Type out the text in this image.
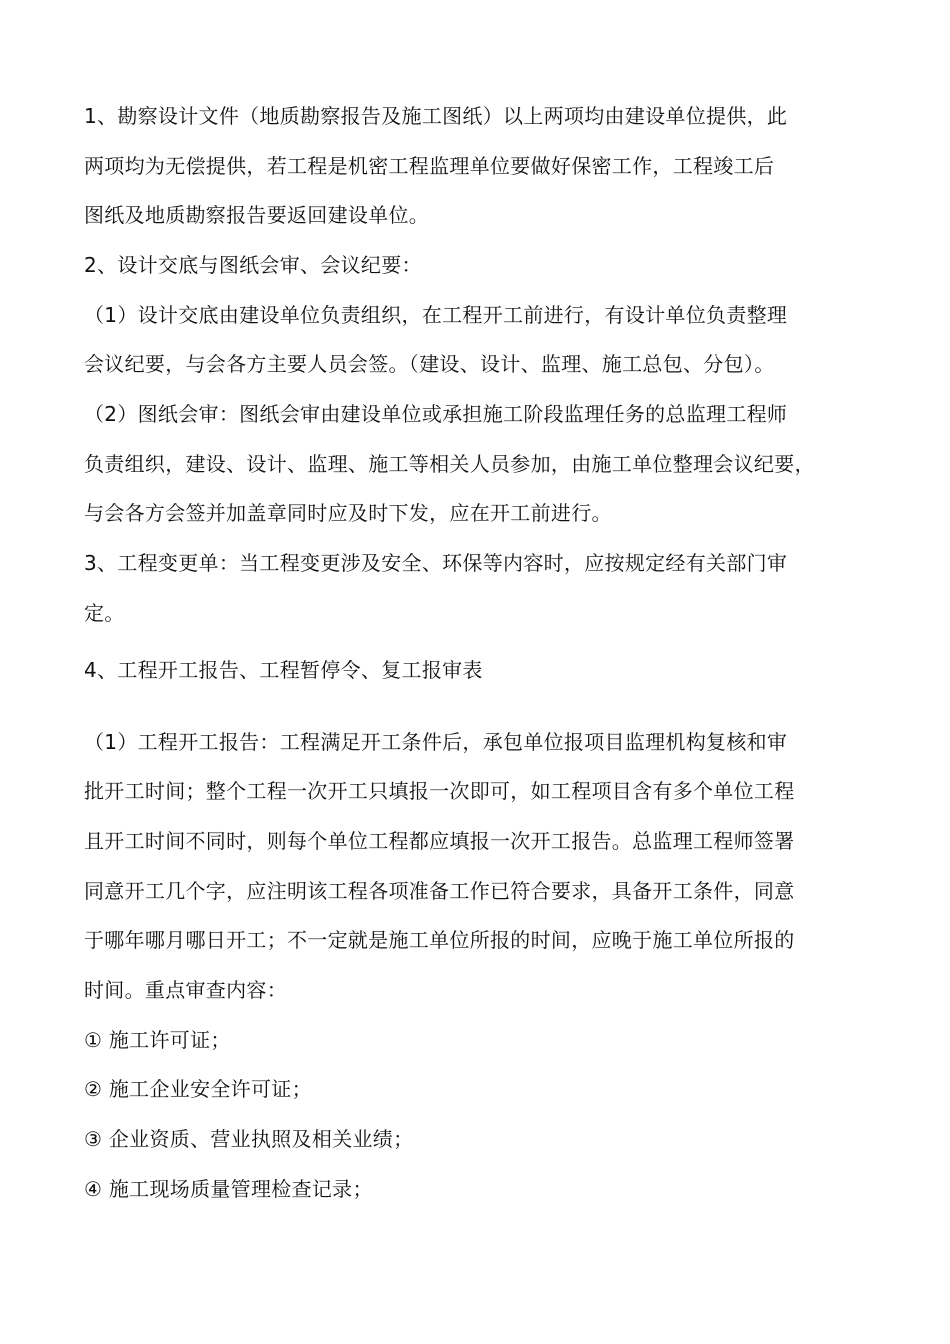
1、勘察设计文件（地质勘察报告及施工图纸）以上两项均由建设单位提供，此
两项均为无偿提供，若工程是机密工程监理单位要做好保密工作，工程竣工后
图纸及地质勘察报告要返回建设单位。
2、设计交底与图纸会审、会议纪要：
（1）设计交底由建设单位负责组织，在工程开工前进行，有设计单位负责整理
会议纪要，与会各方主要人员会签。（建设、设计、监理、施工总包、分包）。
（2）图纸会审：图纸会审由建设单位或承担施工阶段监理任务的总监理工程师
负责组织，建设、设计、监理、施工等相关人员参加，由施工单位整理会议纪要，
与会各方会签并加盖章同时应及时下发，应在开工前进行。
3、工程变更单：当工程变更涉及安全、环保等内容时，应按规定经有关部门审
定。
4、工程开工报告、工程暂停令、复工报审表
（1）工程开工报告：工程满足开工条件后，承包单位报项目监理机构复核和审
批开工时间；整个工程一次开工只填报一次即可，如工程项目含有多个单位工程
且开工时间不同时，则每个单位工程都应填报一次开工报告。总监理工程师签署
同意开工几个字，应注明该工程各项准备工作已符合要求，具备开工条件，同意
于哪年哪月哪日开工；不一定就是施工单位所报的时间，应晚于施工单位所报的
时间。重点审查内容：
① 施工许可证；
② 施工企业安全许可证；
③ 企业资质、营业执照及相关业绩；
④ 施工现场质量管理检查记录；
